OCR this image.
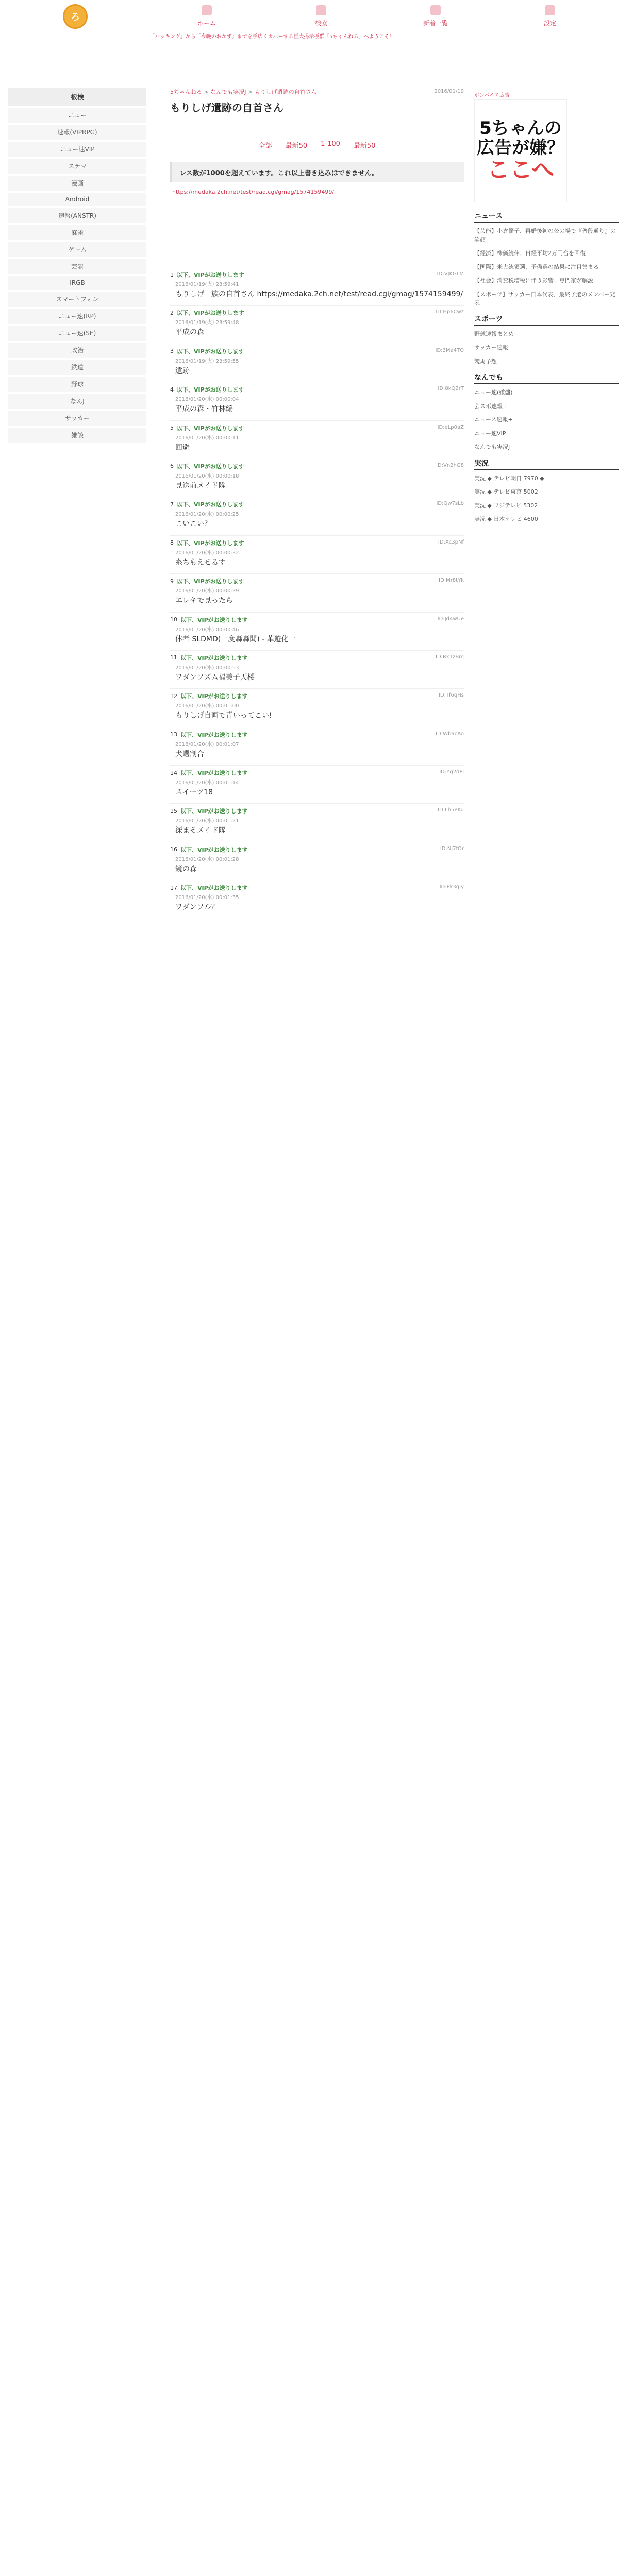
ろ
ホーム	検索	新着一覧	設定
「ハッキング」から「今晩のおかず」までを手広くカバーする巨大掲示板群「5ちゃんねる」へようこそ！
板検
ニュー
速報(VIPRPG)
ニュー速VIP
ステマ
漫画
Android
速報(ANSTR)
麻雀
ゲーム
芸能
IRGB
スマートフォン
ニュー速(RP)
ニュー速(SE)
政治
鉄道
野球
なんJ
サッカー
雑談
5ちゃんねる > なんでも実況J > もりしげ遺跡の自首さん	2016/01/19
もりしげ遺跡の自首さん
全部 最新50 1-100 最新50
レス数が1000を超えています。これ以上書き込みはできません。
https://medaka.2ch.net/test/read.cgi/gmag/1574159499/
1 以下、VIPがお送りします
2016/01/19(火) 23:59:41
ID:VJKGLM
もりしげ一族の自首さん https://medaka.2ch.net/test/read.cgi/gmag/1574159499/
2 以下、VIPがお送りします
2016/01/19(火) 23:59:48
ID:Hp6Cwz
平成の森
3 以下、VIPがお送りします
2016/01/19(火) 23:59:55
ID:3Ma4TO
遺跡
4 以下、VIPがお送りします
2016/01/20(水) 00:00:04
ID:8kQ2rT
平成の森・竹林編
5 以下、VIPがお送りします
2016/01/20(水) 00:00:11
ID:eLp0aZ
回避
6 以下、VIPがお送りします
2016/01/20(水) 00:00:18
ID:Vn2hG8
見送前メイド隊
7 以下、VIPがお送りします
2016/01/20(水) 00:00:25
ID:Qw7sLb
こいこい?
8 以下、VIPがお送りします
2016/01/20(水) 00:00:32
ID:Xc3pNf
糸ちもえせるす
9 以下、VIPがお送りします
2016/01/20(水) 00:00:39
ID:Mr8tYk
エレキで見ったら
10 以下、VIPがお送りします
2016/01/20(水) 00:00:46
ID:Jd4wUe
体者 SLDMD(一度轟轟聞) - 華遊化一
11 以下、VIPがお送りします
2016/01/20(水) 00:00:53
ID:Rk1zBm
ワダンソズム福美子天楼
12 以下、VIPがお送りします
2016/01/20(水) 00:01:00
ID:Tf6qHs
もりしげ自画で青いってこい!
13 以下、VIPがお送りします
2016/01/20(水) 00:01:07
ID:Wb9cAo
犬選割合
14 以下、VIPがお送りします
2016/01/20(水) 00:01:14
ID:Yg2dPi
スイーツ18
15 以下、VIPがお送りします
2016/01/20(水) 00:01:21
ID:Lh5eKu
深まそメイド隊
16 以下、VIPがお送りします
2016/01/20(水) 00:01:28
ID:Nj7fOr
鏡の森
17 以下、VIPがお送りします
2016/01/20(水) 00:01:35
ID:Pk3gIy
ワダンソル？
ボンバイエ広告
5ちゃんの
広告が嫌？
ここへ
ニュース
【芸能】小倉優子、再婚後初の公の場で『普段通り』の笑顔
【経済】株価続伸、日経平均2万円台を回復
【国際】米大統領選、予備選の結果に注目集まる
【社会】消費税増税に伴う影響、専門家が解説
【スポーツ】サッカー日本代表、最終予選のメンバー発表
スポーツ
野球速報まとめ
サッカー速報
競馬予想
なんでも
ニュー速(嫌儲)
芸スポ速報+
ニュース速報+
ニュー速VIP
なんでも実況J
実況
実況 ◆ テレビ朝日 7970 ◆
実況 ◆ テレビ東京 5002
実況 ◆ フジテレビ 5302
実況 ◆ 日本テレビ 4600
